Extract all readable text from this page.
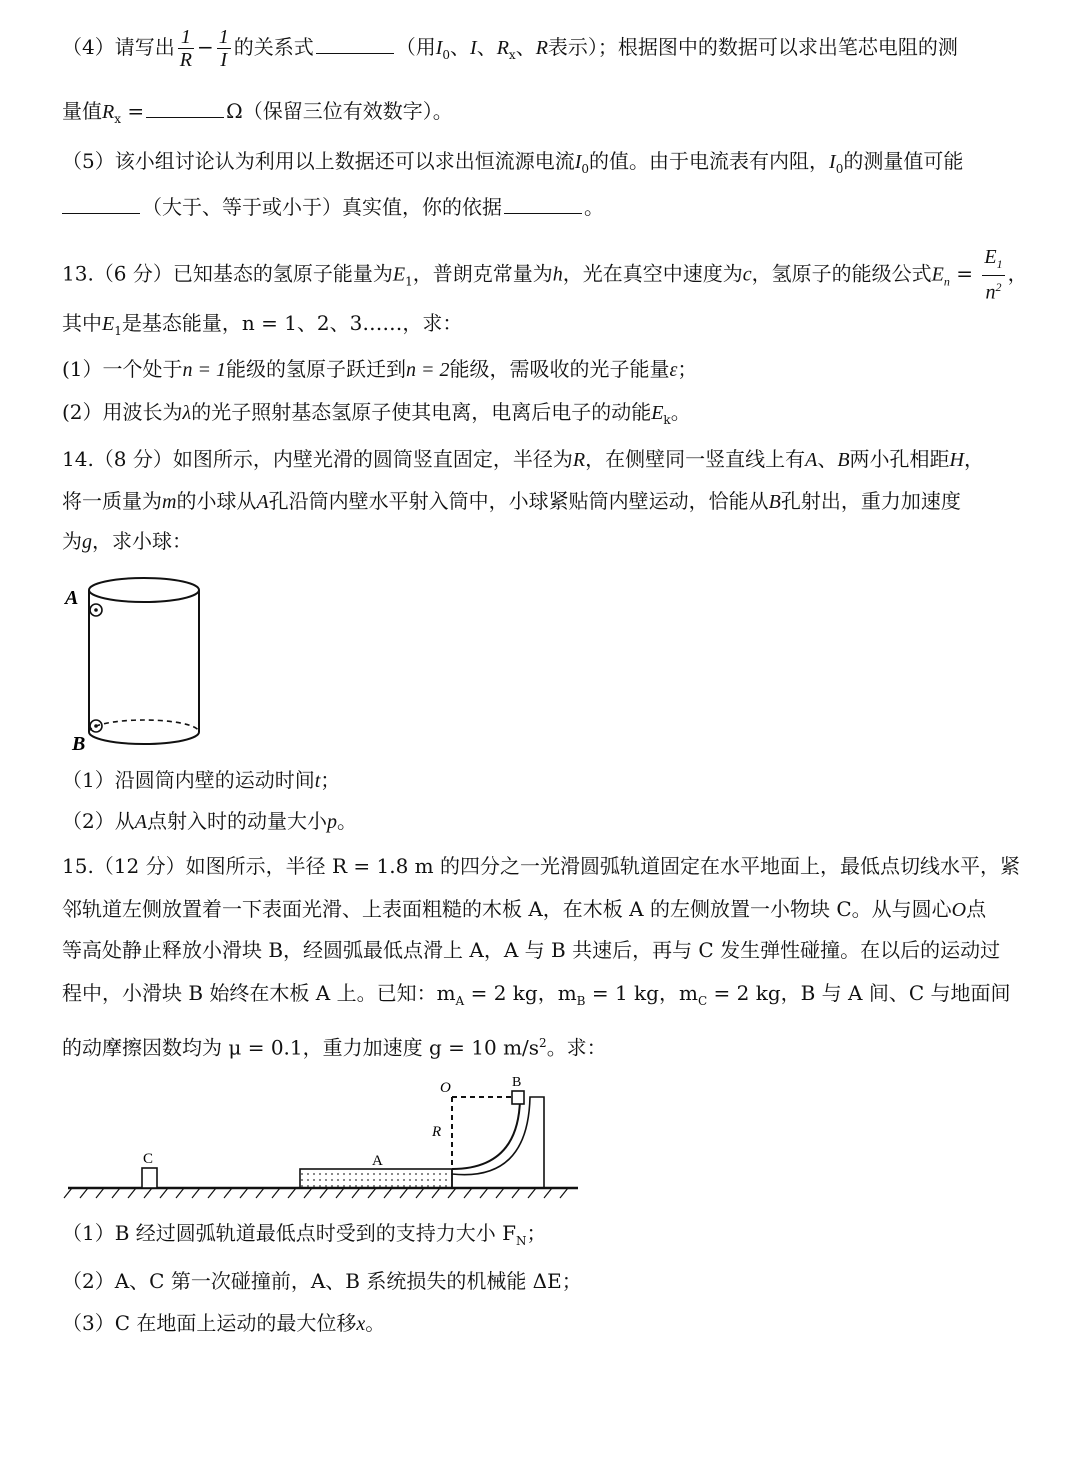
（4）请写出 $\frac{1}{R} - \frac{1}{I}$ 的关系式	（用$I_0$、I、$R_x$、R表示）；根据图中的数据可以求出笔芯电阻的测
量值$R_x$ =	Ω（保留三位有效数字）。
（5）该小组讨论认为利用以上数据还可以求出恒流源电流$I_0$的值。由于电流表有内阻，$I_0$的测量值可能
（大于、等于或小于）真实值，你的依据	。
13.（6 分）已知基态的氢原子能量为$E_1$，普朗克常量为h，光在真空中速度为c，氢原子的能级公式$E_n = \frac{E_1}{n^2}$ ，
其中$E_1$是基态能量，n = 1、2、3……，求：
(1）一个处于n = 1能级的氢原子跃迁到n = 2能级，需吸收的光子能量ε；
(2）用波长为λ的光子照射基态氢原子使其电离，电离后电子的动能$E_k$。
14.（8 分）如图所示，内壁光滑的圆筒竖直固定，半径为R，在侧壁同一竖直线上有A、B两小孔相距H，
将一质量为m的小球从A孔沿筒内壁水平射入筒中，小球紧贴筒内壁运动，恰能从B孔射出，重力加速度
为g，求小球：
A
B
（1）沿圆筒内壁的运动时间t；
（2）从A点射入时的动量大小p。
15.（12 分）如图所示，半径 R = 1.8 m 的四分之一光滑圆弧轨道固定在水平地面上，最低点切线水平，紧
邻轨道左侧放置着一下表面光滑、上表面粗糙的木板 A，在木板 A 的左侧放置一小物块 C。从与圆心O点
等高处静止释放小滑块 B，经圆弧最低点滑上 A，A 与 B 共速后，再与 C 发生弹性碰撞。在以后的运动过
程中，小滑块 B 始终在木板 A 上。已知：$m_A = 2$ kg，$m_B = 1$ kg，$m_C = 2$ kg，B 与 A 间、C 与地面间
的动摩擦因数均为 μ = 0.1，重力加速度 g = 10 $m/s^2$。求：
C	A
B
O
R
（1）B 经过圆弧轨道最低点时受到的支持力大小 $F_N$；
（2）A、C 第一次碰撞前，A、B 系统损失的机械能 ΔE；
（3）C 在地面上运动的最大位移x。
